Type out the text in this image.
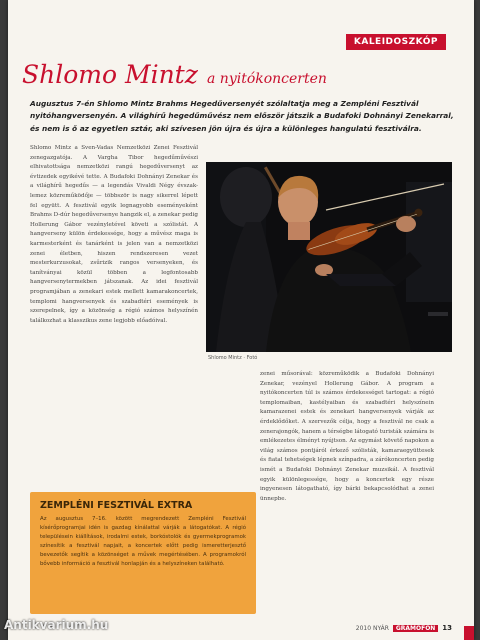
KALEIDOSZKÓP
Shlomo Mintz a nyitókoncerten
Augusztus 7-én Shlomo Mintz Brahms Hegedűversenyét szólaltatja meg a Zempléni Fesztivál nyitóhangversenyén. A világhírű hegedűművész nem először játszik a Budafoki Dohnányi Zenekarral, és nem is ő az egyetlen sztár, aki szívesen jön újra és újra a különleges hangulatú fesztiválra.
Shlomo Mintz a Sven-Vadas Nemzetközi Zenei Fesztivál zenegazgatója. A Vargha Tibor hegedűművészi elhivatottsága nemzetközi rangú hegedűversenyt az évtizedek egyikévé tette. A Budafoki Dohnányi Zenekar és a világhírű hegedűs — a legendás Vivaldi Négy évszak-lemez közreműködője — többször is nagy sikerrel lépett fel együtt. A fesztivál egyik legnagyobb eseményeként Brahms D-dúr hegedűversenye hangzik el, a zenekar pedig Hollerung Gábor vezényletével követi a szólistát. A hangverseny külön érdekessége, hogy a művész maga is karmesterként és tanárként is jelen van a nemzetközi zenei életben, hiszen rendszeresen vezet mesterkurzusokat, zsűrizik rangos versenyeken, és tanítványai közül többen a legfontosabb hangversenytermekben játszanak. Az idei fesztivál programjában a zenekari estek mellett kamarakoncertek, templomi hangversenyek és szabadtéri események is szerepelnek, így a közönség a régió számos helyszínén találkozhat a klasszikus zene legjobb előadóival.
Shlomo Mintz · Fotó
zenei műsorával: közreműködik a Budafoki Dohnányi Zenekar, vezényel Hollerung Gábor. A program a nyitókoncerten túl is számos érdekességet tartogat: a régió templomaiban, kastélyaiban és szabadtéri helyszínein kamarazenei estek és zenekari hangversenyek várják az érdeklődőket. A szervezők célja, hogy a fesztivál ne csak a zenerajongók, hanem a térségbe látogató turisták számára is emlékezetes élményt nyújtson. Az egymást követő napokon a világ számos pontjáról érkező szólisták, kamaraegyüttesek és fiatal tehetségek lépnek színpadra, a zárókoncerten pedig ismét a Budafoki Dohnányi Zenekar muzsikál. A fesztivál egyik különlegessége, hogy a koncertek egy része ingyenesen látogatható, így bárki bekapcsolódhat a zenei ünnepbe.
ZEMPLÉNI FESZTIVÁL EXTRA
Az augusztus 7–16. között megrendezett Zempléni Fesztivál kísérőprogramjai idén is gazdag kínálattal várják a látogatókat. A régió településein kiállítások, irodalmi estek, borkóstolók és gyermekprogramok színesítik a fesztivál napjait, a koncertek előtt pedig ismeretterjesztő bevezetők segítik a közönséget a művek megértésében. A programokról bővebb információ a fesztivál honlapján és a helyszíneken található.
2010 NYÁR GRAMOFON 13
Antikvarium.hu
